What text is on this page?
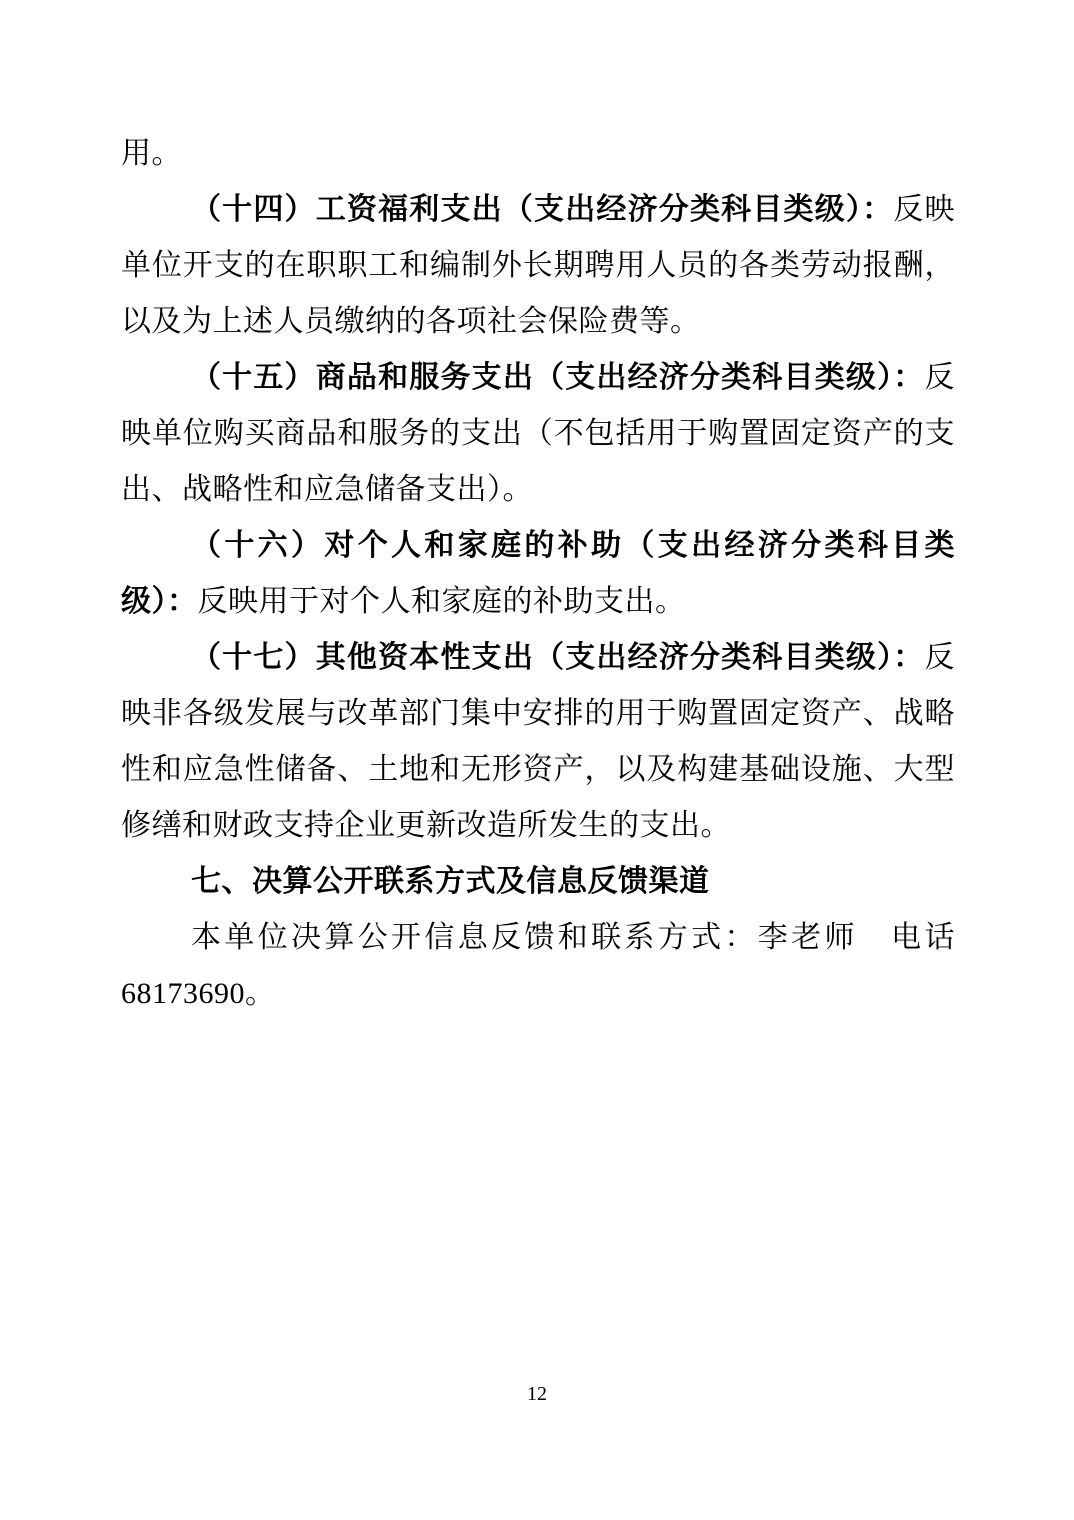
用。

（十四）工资福利支出（支出经济分类科目类级）：反映单位开支的在职职工和编制外长期聘用人员的各类劳动报酬，以及为上述人员缴纳的各项社会保险费等。

（十五）商品和服务支出（支出经济分类科目类级）：反映单位购买商品和服务的支出（不包括用于购置固定资产的支出、战略性和应急储备支出）。

（十六）对个人和家庭的补助（支出经济分类科目类级）：反映用于对个人和家庭的补助支出。

（十七）其他资本性支出（支出经济分类科目类级）：反映非各级发展与改革部门集中安排的用于购置固定资产、战略性和应急性储备、土地和无形资产，以及构建基础设施、大型修缮和财政支持企业更新改造所发生的支出。

七、决算公开联系方式及信息反馈渠道

本单位决算公开信息反馈和联系方式：李老师　电话 68173690。

12
